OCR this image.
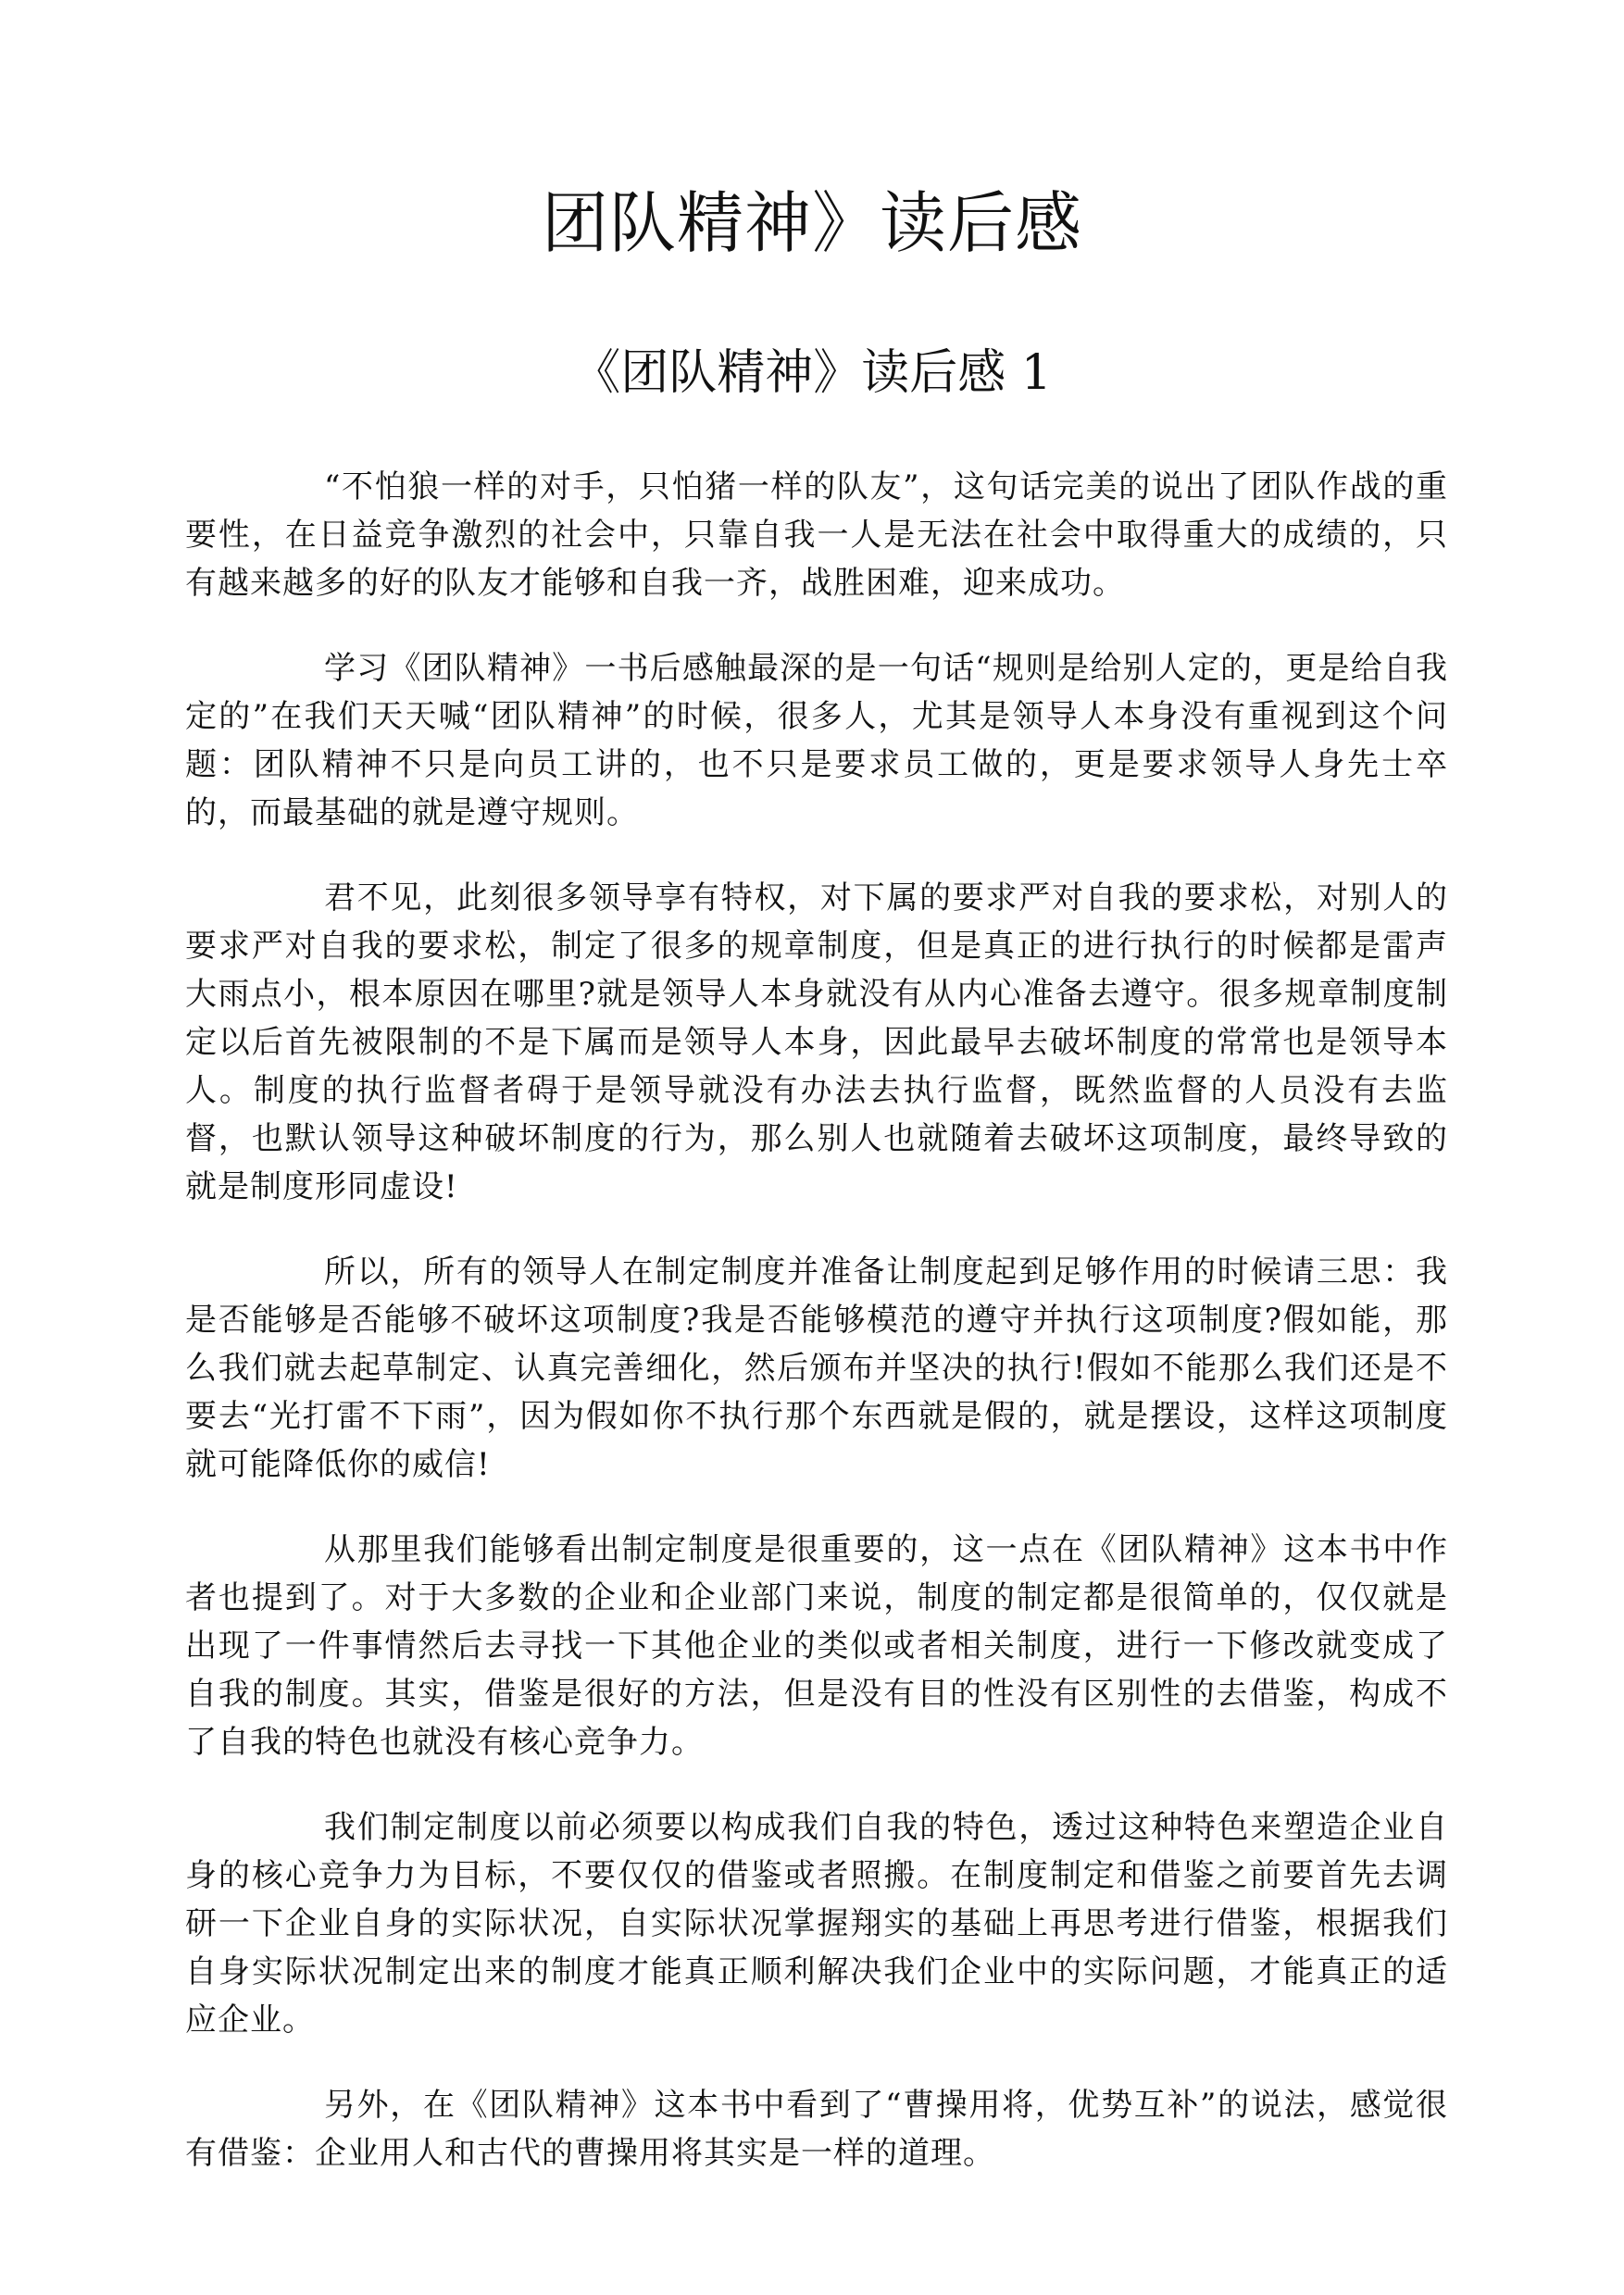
团队精神》读后感
《团队精神》读后感 1

“不怕狼一样的对手，只怕猪一样的队友”，这句话完美的说出了团队作战的重要性，在日益竞争激烈的社会中，只靠自我一人是无法在社会中取得重大的成绩的，只有越来越多的好的队友才能够和自我一齐，战胜困难，迎来成功。

学习《团队精神》一书后感触最深的是一句话“规则是给别人定的，更是给自我定的”在我们天天喊“团队精神”的时候，很多人，尤其是领导人本身没有重视到这个问题：团队精神不只是向员工讲的，也不只是要求员工做的，更是要求领导人身先士卒的，而最基础的就是遵守规则。

君不见，此刻很多领导享有特权，对下属的要求严对自我的要求松，对别人的要求严对自我的要求松，制定了很多的规章制度，但是真正的进行执行的时候都是雷声大雨点小，根本原因在哪里?就是领导人本身就没有从内心准备去遵守。很多规章制度制定以后首先被限制的不是下属而是领导人本身，因此最早去破坏制度的常常也是领导本人。制度的执行监督者碍于是领导就没有办法去执行监督，既然监督的人员没有去监督，也默认领导这种破坏制度的行为，那么别人也就随着去破坏这项制度，最终导致的就是制度形同虚设!

所以，所有的领导人在制定制度并准备让制度起到足够作用的时候请三思：我是否能够是否能够不破坏这项制度?我是否能够模范的遵守并执行这项制度?假如能，那么我们就去起草制定、认真完善细化，然后颁布并坚决的执行!假如不能那么我们还是不要去“光打雷不下雨”，因为假如你不执行那个东西就是假的，就是摆设，这样这项制度就可能降低你的威信!

从那里我们能够看出制定制度是很重要的，这一点在《团队精神》这本书中作者也提到了。对于大多数的企业和企业部门来说，制度的制定都是很简单的，仅仅就是出现了一件事情然后去寻找一下其他企业的类似或者相关制度，进行一下修改就变成了自我的制度。其实，借鉴是很好的方法，但是没有目的性没有区别性的去借鉴，构成不了自我的特色也就没有核心竞争力。

我们制定制度以前必须要以构成我们自我的特色，透过这种特色来塑造企业自身的核心竞争力为目标，不要仅仅的借鉴或者照搬。在制度制定和借鉴之前要首先去调研一下企业自身的实际状况，自实际状况掌握翔实的基础上再思考进行借鉴，根据我们自身实际状况制定出来的制度才能真正顺利解决我们企业中的实际问题，才能真正的适应企业。

另外，在《团队精神》这本书中看到了“曹操用将，优势互补”的说法，感觉很有借鉴：企业用人和古代的曹操用将其实是一样的道理。
